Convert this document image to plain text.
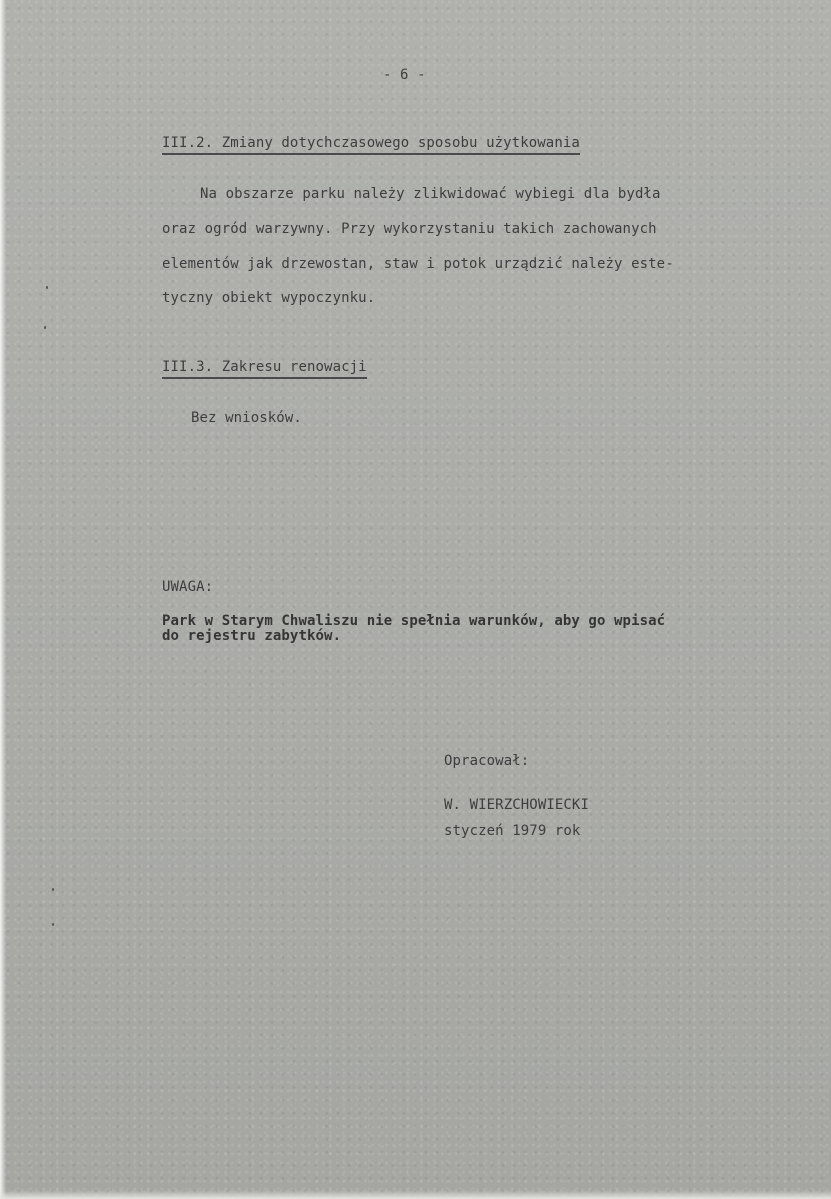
- 6 -
III.2. Zmiany dotychczasowego sposobu użytkowania
Na obszarze parku należy zlikwidować wybiegi dla bydła
oraz ogród warzywny. Przy wykorzystaniu takich zachowanych
elementów jak drzewostan, staw i potok urządzić należy este-
tyczny obiekt wypoczynku.
III.3. Zakresu renowacji
Bez wniosków.
UWAGA:
Park w Starym Chwaliszu nie spełnia warunków, aby go wpisać
do rejestru zabytków.
Opracował:
W. WIERZCHOWIECKI
styczeń 1979 rok
